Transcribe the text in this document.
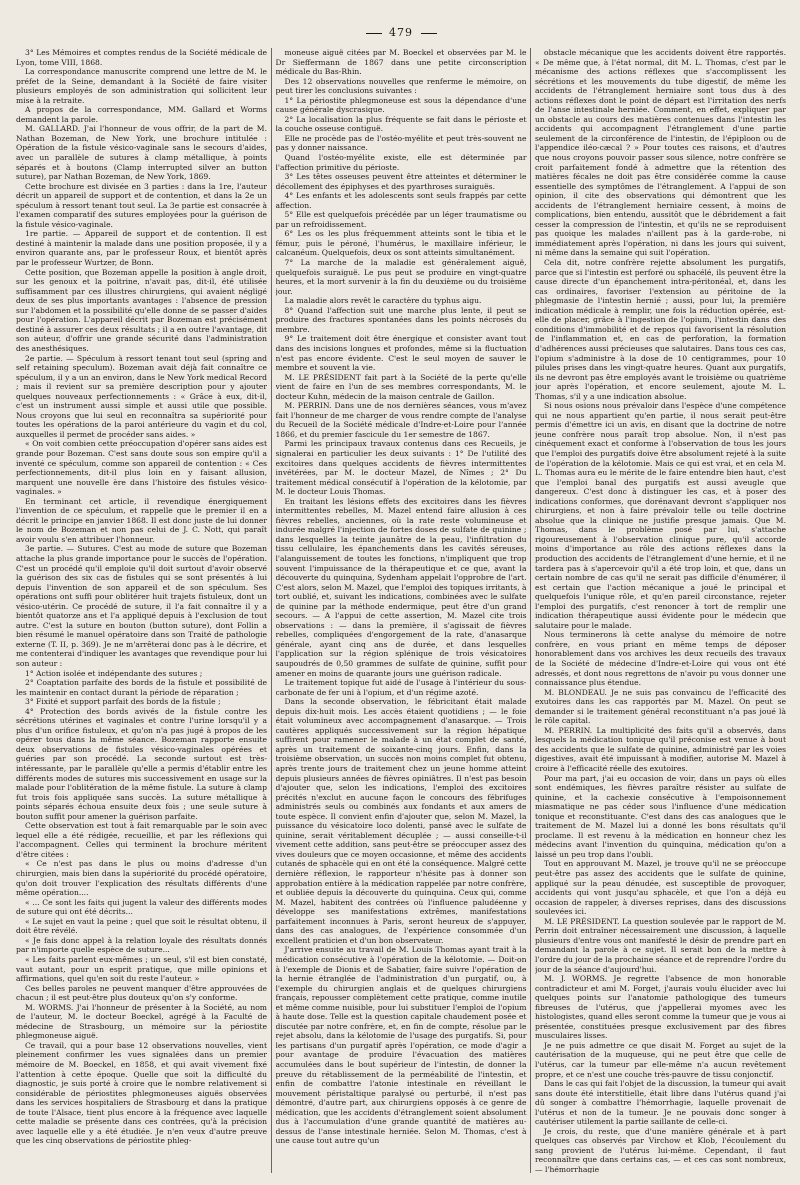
479

3° Les Mémoires et comptes rendus de la Société médicale de Lyon, tome VIII, 1868.

La correspondance manuscrite comprend une lettre de M. le préfet de la Seine, demandant à la Société de faire visiter plusieurs employés de son administration qui sollicitent leur mise à la retraite.

A propos de la correspondance, MM. Gallard et Worms demandent la parole.

M. GALLARD. J'ai l'honneur de vous offrir, de la part de M. Nathan Bozeman, de New York, une brochure intitulée : Opération de la fistule vésico-vaginale sans le secours d'aides, avec un parallèle de sutures à clamp métallique, à points séparés et à boutons (Clamp interrupted silver an button suture), par Nathan Bozeman, de New York, 1869.

Cette brochure est divisée en 3 parties : dans la 1re, l'auteur décrit un appareil de support et de contention, et dans la 2e un spéculum à ressort tenant tout seul. La 3e partie est consacrée à l'examen comparatif des sutures employées pour la guérison de la fistule vésico-vaginale.

1re partie. — Appareil de support et de contention. Il est destiné à maintenir la malade dans une position proposée, il y a environ quarante ans, par le professeur Roux, et bientôt après par le professeur Wurtzer, de Bonn.

Cette position, que Bozeman appelle la position à angle droit, sur les genoux et la poitrine, n'avait pas, dit-il, été utilisée suffisamment par ces illustres chirurgiens, qui avaient négligé deux de ses plus importants avantages : l'absence de pression sur l'abdomen et la possibilité qu'elle donne de se passer d'aides pour l'opération. L'appareil décrit par Bozeman est précisément destiné à assurer ces deux résultats ; il a en outre l'avantage, dit son auteur, d'offrir une grande sécurité dans l'administration des anesthésiques.

2e partie. — Spéculum à ressort tenant tout seul (spring and self retaining speculum). Bozeman avait déjà fait connaître ce spéculum, il y a un an environ, dans le New York medical Record ; mais il revient sur sa première description pour y ajouter quelques nouveaux perfectionnements : « Grâce à eux, dit-il, c'est un instrument aussi simple et aussi utile que possible. Nous croyons que lui seul en reconnaîtra sa supériorité pour toutes les opérations de la paroi antérieure du vagin et du col, auxquelles il permet de procéder sans aides. »

« On voit combien cette préoccupation d'opérer sans aides est grande pour Bozeman. C'est sans doute sous son empire qu'il a inventé ce spéculum, comme son appareil de contention : « Ces perfectionnements, dit-il plus loin en y faisant allusion, marquent une nouvelle ère dans l'histoire des fistules vésico-vaginales. »

En terminant cet article, il revendique énergiquement l'invention de ce spéculum, et rappelle que le premier il en a décrit le principe en janvier 1868. Il est donc juste de lui donner le nom de Bozeman et non pas celui de J. C. Nott, qui paraît avoir voulu s'en attribuer l'honneur.

3e partie. — Sutures. C'est au mode de suture que Bozeman attache la plus grande importance pour le succès de l'opération. C'est un procédé qu'il emploie qu'il doit surtout d'avoir observé la guérison des six cas de fistules qui se sont présentés à lui depuis l'invention de son appareil et de son spéculum. Ses opérations ont suffi pour oblitérer huit trajets fistuleux, dont un vésico-utérin. Ce procédé de suture, il l'a fait connaître il y a bientôt quatorze ans et l'a appliqué depuis à l'exclusion de tout autre. C'est la suture en bouton (button suture), dont Follin a bien résumé le manuel opératoire dans son Traité de pathologie externe (T. II, p. 369). Je ne m'arrêterai donc pas à le décrire, et me contenterai d'indiquer les avantages que revendique pour lui son auteur :

1° Action isolée et indépendante des sutures ;

2° Coaptation parfaite des bords de la fistule et possibilité de les maintenir en contact durant la période de réparation ;

3° Fixité et support parfait des bords de la fistule ;

4° Protection des bords avivés de la fistule contre les sécrétions utérines et vaginales et contre l'urine lorsqu'il y a plus d'un orifice fistuleux, et qu'on n'a pas jugé à propos de les opérer tous dans la même séance. Bozeman rapporte ensuite deux observations de fistules vésico-vaginales opérées et guéries par son procédé. La seconde surtout est très-intéressante, par le parallèle qu'elle a permis d'établir entre les différents modes de sutures mis successivement en usage sur la malade pour l'oblitération de la même fistule. La suture à clamp fut trois fois appliquée sans succès. La suture métallique à points séparés échoua ensuite deux fois ; une seule suture à bouton suffit pour amener la guérison parfaite.

Cette observation est tout à fait remarquable par le soin avec lequel elle a été rédigée, recueillie, et par les réflexions qui l'accompagnent. Celles qui terminent la brochure méritent d'être citées :

« Ce n'est pas dans le plus ou moins d'adresse d'un chirurgien, mais bien dans la supériorité du procédé opératoire, qu'on doit trouver l'explication des résultats différents d'une même opération....

« ... Ce sont les faits qui jugent la valeur des différents modes de suture qui ont été décrits...

« Le sujet en vaut la peine ; quel que soit le résultat obtenu, il doit être révélé.

« Je fais donc appel à la relation loyale des résultats donnés par n'importe quelle espèce de suture...

« Les faits parlent eux-mêmes ; un seul, s'il est bien constaté, vaut autant, pour un esprit pratique, que mille opinions et affirmations, quel qu'en soit du reste l'auteur. »

Ces belles paroles ne peuvent manquer d'être approuvées de chacun ; il est peut-être plus douteux qu'on s'y conforme.

M. WORMS. J'ai l'honneur de présenter à la Société, au nom de l'auteur, M. le docteur Boeckel, agrégé à la Faculté de médecine de Strasbourg, un mémoire sur la périostite phlegmoneuse aiguë.

Ce travail, qui a pour base 12 observations nouvelles, vient pleinement confirmer les vues signalées dans un premier mémoire de M. Boeckel, en 1858, et qui avait vivement fixé l'attention à cette époque. Quelle que soit la difficulté du diagnostic, je suis porté à croire que le nombre relativement si considérable de périostites phlegmoneuses aiguës observées dans les services hospitaliers de Strasbourg et dans la pratique de toute l'Alsace, tient plus encore à la fréquence avec laquelle cette maladie se présente dans ces contrées, qu'à la précision avec laquelle elle y a été étudiée. Je n'en veux d'autre preuve que les cinq observations de périostite phleg-

moneuse aiguë citées par M. Boeckel et observées par M. le Dr Sieffermann de 1867 dans une petite circonscription médicale du Bas-Rhin.

Des 12 observations nouvelles que renferme le mémoire, on peut tirer les conclusions suivantes :

1° La périostite phlegmoneuse est sous la dépendance d'une cause générale dyscrasique.

2° La localisation la plus fréquente se fait dans le périoste et la couche osseuse contiguë.

Elle ne procède pas de l'ostéo-myélite et peut très-souvent ne pas y donner naissance.

Quand l'ostéo-myélite existe, elle est déterminée par l'affection primitive du périoste.

3° Les têtes osseuses peuvent être atteintes et déterminer le décollement des épiphyses et des pyarthroses suraiguës.

4° Les enfants et les adolescents sont seuls frappés par cette affection.

5° Elle est quelquefois précédée par un léger traumatisme ou par un refroidissement.

6° Les os les plus fréquemment atteints sont le tibia et le fémur, puis le péroné, l'humérus, le maxillaire inférieur, le calcanéum. Quelquefois, deux os sont atteints simultanément.

7° La marche de la maladie est généralement aiguë, quelquefois suraiguë. Le pus peut se produire en vingt-quatre heures, et la mort survenir à la fin du deuxième ou du troisième jour.

La maladie alors revêt le caractère du typhus aigu.

8° Quand l'affection suit une marche plus lente, il peut se produire des fractures spontanées dans les points nécrosés du membre.

9° Le traitement doit être énergique et consister avant tout dans des incisions longues et profondes, même si la fluctuation n'est pas encore évidente. C'est le seul moyen de sauver le membre et souvent la vie.

M. LE PRÉSIDENT fait part à la Société de la perte qu'elle vient de faire en l'un de ses membres correspondants, M. le docteur Kuhn, médecin de la maison centrale de Gaillon.

M. PERRIN. Dans une de nos dernières séances, vous m'avez fait l'honneur de me charger de vous rendre compte de l'analyse du Recueil de la Société médicale d'Indre-et-Loire pour l'année 1866, et du premier fascicule du 1er semestre de 1867.

Parmi les principaux travaux contenus dans ces Recueils, je signalerai en particulier les deux suivants : 1° De l'utilité des excitoires dans quelques accidents de fièvres intermittentes invétérées, par M. le docteur Mazel, de Nîmes ; 2° Du traitement médical consécutif à l'opération de la kélotomie, par M. le docteur Louis Thomas.

En traitant les lésions effets des excitoires dans les fièvres intermittentes rebelles, M. Mazel entend faire allusion à ces fièvres rebelles, anciennes, où la rate reste volumineuse et indurée malgré l'injection de fortes doses de sulfate de quinine ; dans lesquelles la teinte jaunâtre de la peau, l'infiltration du tissu cellulaire, les épanchements dans les cavités séreuses, l'alanguissement de toutes les fonctions, n'impliquent que trop souvent l'impuissance de la thérapeutique et ce que, avant la découverte du quinquina, Sydenham appelait l'opprobre de l'art. C'est alors, selon M. Mazel, que l'emploi des topiques irritants, à tort oublié, et, suivant les indications, combinées avec le sulfate de quinine par la méthode endermique, peut être d'un grand secours. — A l'appui de cette assertion, M. Mazel cite trois observations : — dans la première, il s'agissait de fièvres rebelles, compliquées d'engorgement de la rate, d'anasarque générale, ayant cinq ans de durée, et dans lesquelles l'application sur la région splénique de trois vésicatoires saupoudrés de 0,50 grammes de sulfate de quinine, suffit pour amener en moins de quarante jours une guérison radicale.

Le traitement topique fut aidé de l'usage à l'intérieur du sous-carbonate de fer uni à l'opium, et d'un régime azoté.

Dans la seconde observation, le fébricitant était malade depuis dix-huit mois. Les accès étaient quotidiens ; — le foie était volumineux avec accompagnement d'anasarque. — Trois cautères appliqués successivement sur la région hépatique suffirent pour ramener le malade à un état complet de santé, après un traitement de soixante-cinq jours. Enfin, dans la troisième observation, un succès non moins complet fut obtenu, après trente jours de traitement chez un jeune homme atteint depuis plusieurs années de fièvres opiniâtres. Il n'est pas besoin d'ajouter que, selon les indications, l'emploi des excitoires précités n'exclut en aucune façon le concours des fébrifuges administrés seuls ou combinés aux fondants et aux amers de toute espèce. Il convient enfin d'ajouter que, selon M. Mazel, la puissance du vésicatoire loco dolenti, pansé avec le sulfate de quinine, serait véritablement décuplée ; — aussi conseille-t-il vivement cette addition, sans peut-être se préoccuper assez des vives douleurs que ce moyen occasionne, et même des accidents cutanés de sphacèle qui en ont été la conséquence. Malgré cette dernière réflexion, le rapporteur n'hésite pas à donner son approbation entière à la médication rappelée par notre confrère, et oubliée depuis la découverte du quinquina. Ceux qui, comme M. Mazel, habitent des contrées où l'influence paludéenne y développe ses manifestations extrêmes, manifestations parfaitement inconnues à Paris, seront heureux de s'appuyer, dans des cas analogues, de l'expérience consommée d'un excellent praticien et d'un bon observateur.

J'arrive ensuite au travail de M. Louis Thomas ayant trait à la médication consécutive à l'opération de la kélotomie. — Doit-on à l'exemple de Dionis et de Sabatier, faire suivre l'opération de la hernie étranglée de l'administration d'un purgatif, ou, à l'exemple du chirurgien anglais et de quelques chirurgiens français, repousser complètement cette pratique, comme inutile et même comme nuisible, pour lui substituer l'emploi de l'opium à haute dose. Telle est la question capitale chaudement posée et discutée par notre confrère, et, en fin de compte, résolue par le rejet absolu, dans la kélotomie de l'usage des purgatifs. Si, pour les partisans d'un purgatif après l'opération, ce mode d'agir a pour avantage de produire l'évacuation des matières accumulées dans le bout supérieur de l'intestin, de donner la preuve du rétablissement de la perméabilité de l'intestin, et enfin de combattre l'atonie intestinale en réveillant le mouvement péristaltique paralysé ou perturbé, il n'est pas démontré, d'autre part, aux chirurgiens opposés à ce genre de médication, que les accidents d'étranglement soient absolument dus à l'accumulation d'une grande quantité de matières au-dessus de l'anse intestinale herniée. Selon M. Thomas, c'est à une cause tout autre qu'un

obstacle mécanique que les accidents doivent être rapportés. « De même que, à l'état normal, dit M. L. Thomas, c'est par le mécanisme des actions réflexes que s'accomplissent les sécrétions et les mouvements du tube digestif, de même les accidents de l'étranglement herniaire sont tous dus à des actions réflexes dont le point de départ est l'irritation des nerfs de l'anse intestinale herniée. Comment, en effet, expliquer par un obstacle au cours des matières contenues dans l'intestin les accidents qui accompagnent l'étranglement d'une partie seulement de la circonférence de l'intestin, de l'épiploon ou de l'appendice iléo-cæcal ? » Pour toutes ces raisons, et d'autres que nous croyons pouvoir passer sous silence, notre confrère se croit parfaitement fondé à admettre que la rétention des matières fécales ne doit pas être considérée comme la cause essentielle des symptômes de l'étranglement. A l'appui de son opinion, il cite des observations qui démontrent que les accidents de l'étranglement herniaire cessent, à moins de complications, bien entendu, aussitôt que le débridement a fait cesser la compression de l'intestin, et qu'ils ne se reproduisent pas quoique les malades n'aillent pas à la garde-robe, ni immédiatement après l'opération, ni dans les jours qui suivent, ni même dans la semaine qui suit l'opération.

Cela dit, notre confrère rejette absolument les purgatifs, parce que si l'intestin est perforé ou sphacélé, ils peuvent être la cause directe d'un épanchement intra-péritonéal, et, dans les cas ordinaires, favoriser l'extension au péritoine de la phlegmasie de l'intestin hernié ; aussi, pour lui, la première indication médicale à remplir, une fois la réduction opérée, est-elle de placer, grâce à l'ingestion de l'opium, l'intestin dans des conditions d'immobilité et de repos qui favorisent la résolution de l'inflammation et, en cas de perforation, la formation d'adhérences aussi précieuses que salutaires. Dans tous ces cas, l'opium s'administre à la dose de 10 centigrammes, pour 10 pilules prises dans les vingt-quatre heures. Quant aux purgatifs, ils ne devront pas être employés avant le troisième ou quatrième jour après l'opération, et encore seulement, ajoute M. L. Thomas, s'il y a une indication absolue.

Si nous osions nous prévaloir dans l'espèce d'une compétence qui ne nous appartient qu'en partie, il nous serait peut-être permis d'émettre ici un avis, en disant que la doctrine de notre jeune confrère nous paraît trop absolue. Non, il n'est pas cinéquement exact et conforme à l'observation de tous les jours que l'emploi des purgatifs doive être absolument rejeté à la suite de l'opération de la kélotomie. Mais ce qui est vrai, et en cela M. L. Thomas aura eu le mérite de le faire entendre bien haut, c'est que l'emploi banal des purgatifs est aussi aveugle que dangereux. C'est donc à distinguer les cas, et à poser des indications conformes, que dorénavant devront s'appliquer nos chirurgiens, et non à faire prévaloir telle ou telle doctrine absolue que la clinique ne justifie presque jamais. Que M. Thomas, dans le problème posé par lui, s'attache rigoureusement à l'observation clinique pure, qu'il accorde moins d'importance au rôle des actions réflexes dans la production des accidents de l'étranglement d'une hernie, et il ne tardera pas à s'apercevoir qu'il a été trop loin, et que, dans un certain nombre de cas qu'il ne serait pas difficile d'énumérer, il est certain que l'action mécanique a joué le principal et quelquefois l'unique rôle, et qu'en pareil circonstance, rejeter l'emploi des purgatifs, c'est renoncer à tort de remplir une indication thérapeutique aussi évidente pour le médecin que salutaire pour le malade.

Nous terminerons là cette analyse du mémoire de notre confrère, en vous priant en même temps de déposer honorablement dans vos archives les deux recueils des travaux de la Société de médecine d'Indre-et-Loire qui vous ont été adressés, et dont nous regrettons de n'avoir pu vous donner une connaissance plus étendue.

M. BLONDEAU. Je ne suis pas convaincu de l'efficacité des exutoires dans les cas rapportés par M. Mazel. On peut se demander si le traitement général reconstituant n'a pas joué là le rôle capital.

M. PERRIN. La multiplicité des faits qu'il a observés, dans lesquels la médication tonique qu'il préconise est venue à bout des accidents que le sulfate de quinine, administré par les voies digestives, avait été impuissant à modifier, autorise M. Mazel à croire à l'efficacité réelle des exutoires.

Pour ma part, j'ai eu occasion de voir, dans un pays où elles sont endémiques, les fièvres paraître résister au sulfate de quinine, et la cachexie consécutive à l'empoisonnement miasmatique ne pas céder sous l'influence d'une médication tonique et reconstituante. C'est dans des cas analogues que le traitement de M. Mazel lui a donné les bons résultats qu'il proclame. Il est revenu à la médication en honneur chez les médecins avant l'invention du quinquina, médication qu'on a laissé un peu trop dans l'oubli.

Tout en approuvant M. Mazel, je trouve qu'il ne se préoccupe peut-être pas assez des accidents que le sulfate de quinine, appliqué sur la peau dénudée, est susceptible de provoquer, accidents qui vont jusqu'au sphacèle, et que l'on a déjà eu occasion de rappeler, à diverses reprises, dans des discussions soulevées ici.

M. LE PRÉSIDENT. La question soulevée par le rapport de M. Perrin doit entraîner nécessairement une discussion, à laquelle plusieurs d'entre vous ont manifesté le désir de prendre part en demandant la parole à ce sujet. Il serait bon de la mettre à l'ordre du jour de la prochaine séance et de reprendre l'ordre du jour de la séance d'aujourd'hui.

M. J. WORMS. Je regrette l'absence de mon honorable contradicteur et ami M. Forget, j'aurais voulu élucider avec lui quelques points sur l'anatomie pathologique des tumeurs fibreuses de l'utérus, que j'appellerai myomes avec les histologistes, quand elles seront comme la tumeur que je vous ai présentée, constituées presque exclusivement par des fibres musculaires lisses.

Je ne puis admettre ce que disait M. Forget au sujet de la cautérisation de la muqueuse, qui ne peut être que celle de l'utérus, car la tumeur par elle-même n'a aucun revêtement propre, et ce n'est une couche très-pauvre de tissu conjonctif.

Dans le cas qui fait l'objet de la discussion, la tumeur qui avait sans doute été interstitielle, était libre dans l'utérus quand j'ai dû songer à combattre l'hémorrhagie, laquelle provenait de l'utérus et non de la tumeur. Je ne pouvais donc songer à cautériser utilement la partie saillante de celle-ci.

Je crois, du reste, que d'une manière générale et à part quelques cas observés par Virchow et Klob, l'écoulement du sang provient de l'utérus lui-même. Cependant, il faut reconnaître que dans certains cas, — et ces cas sont nombreux, — l'hémorrhagie
